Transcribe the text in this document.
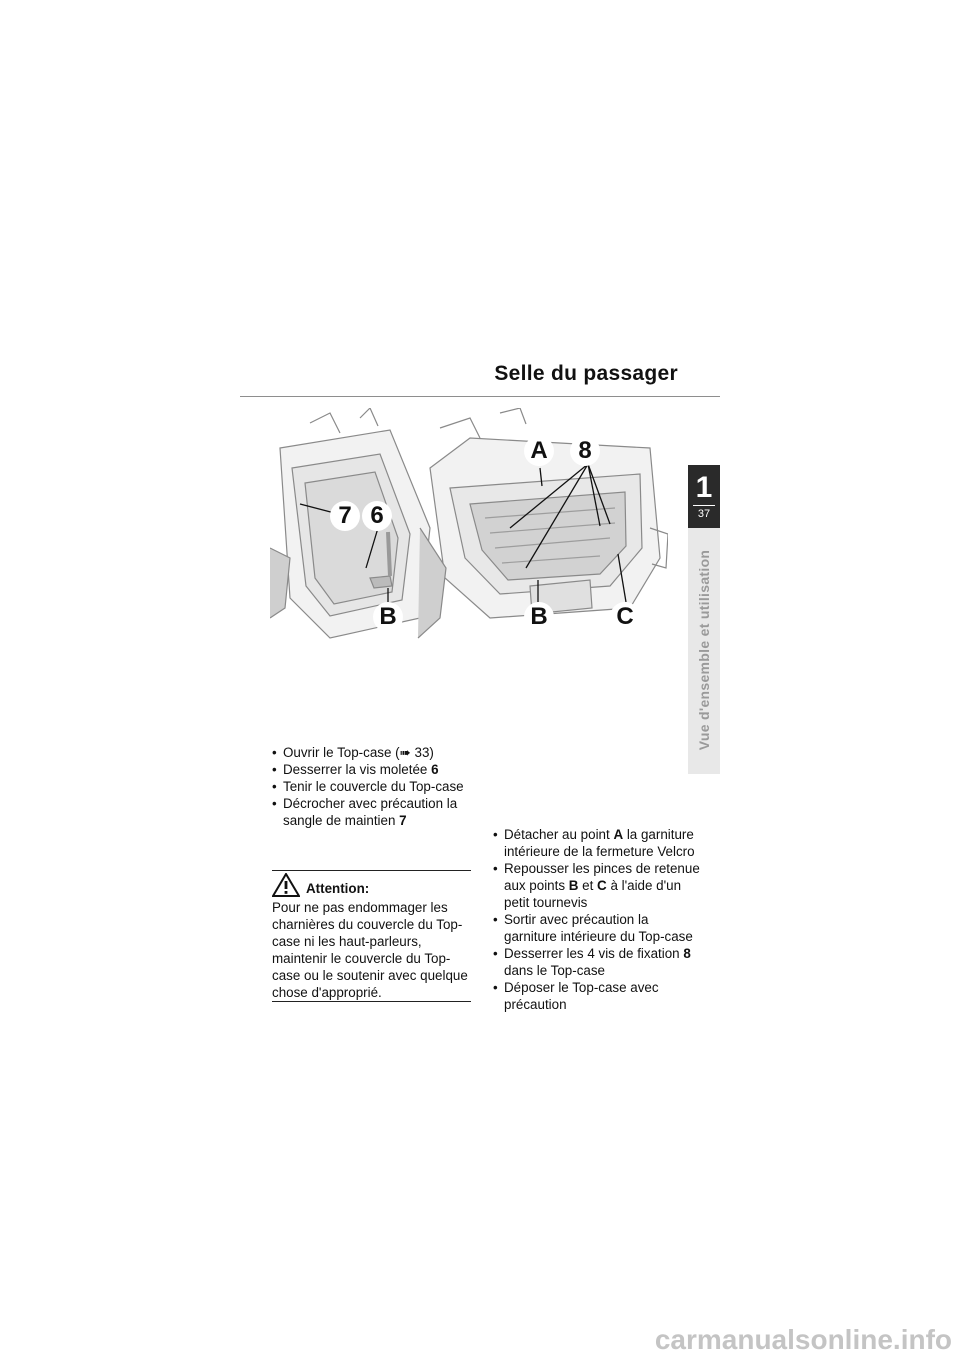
Selle du passager
1
37
Vue d'ensemble et utilisation
7 6
B
A	8
B	C
• Ouvrir le Top-case (➠ 33)
• Desserrer la vis moletée 6
• Tenir le couvercle du Top-case
• Décrocher avec précaution la sangle de maintien 7
Attention:

Pour ne pas endommager les charnières du couvercle du Top-case ni les haut-parleurs, maintenir le couvercle du Top-case ou le soutenir avec quelque chose d'approprié.

• Détacher au point A la garniture intérieure de la fermeture Velcro
• Repousser les pinces de retenue aux points B et C à l'aide d'un petit tournevis
• Sortir avec précaution la garniture intérieure du Top-case
• Desserrer les 4 vis de fixation 8 dans le Top-case
• Déposer le Top-case avec précaution
carmanualsonline.info
